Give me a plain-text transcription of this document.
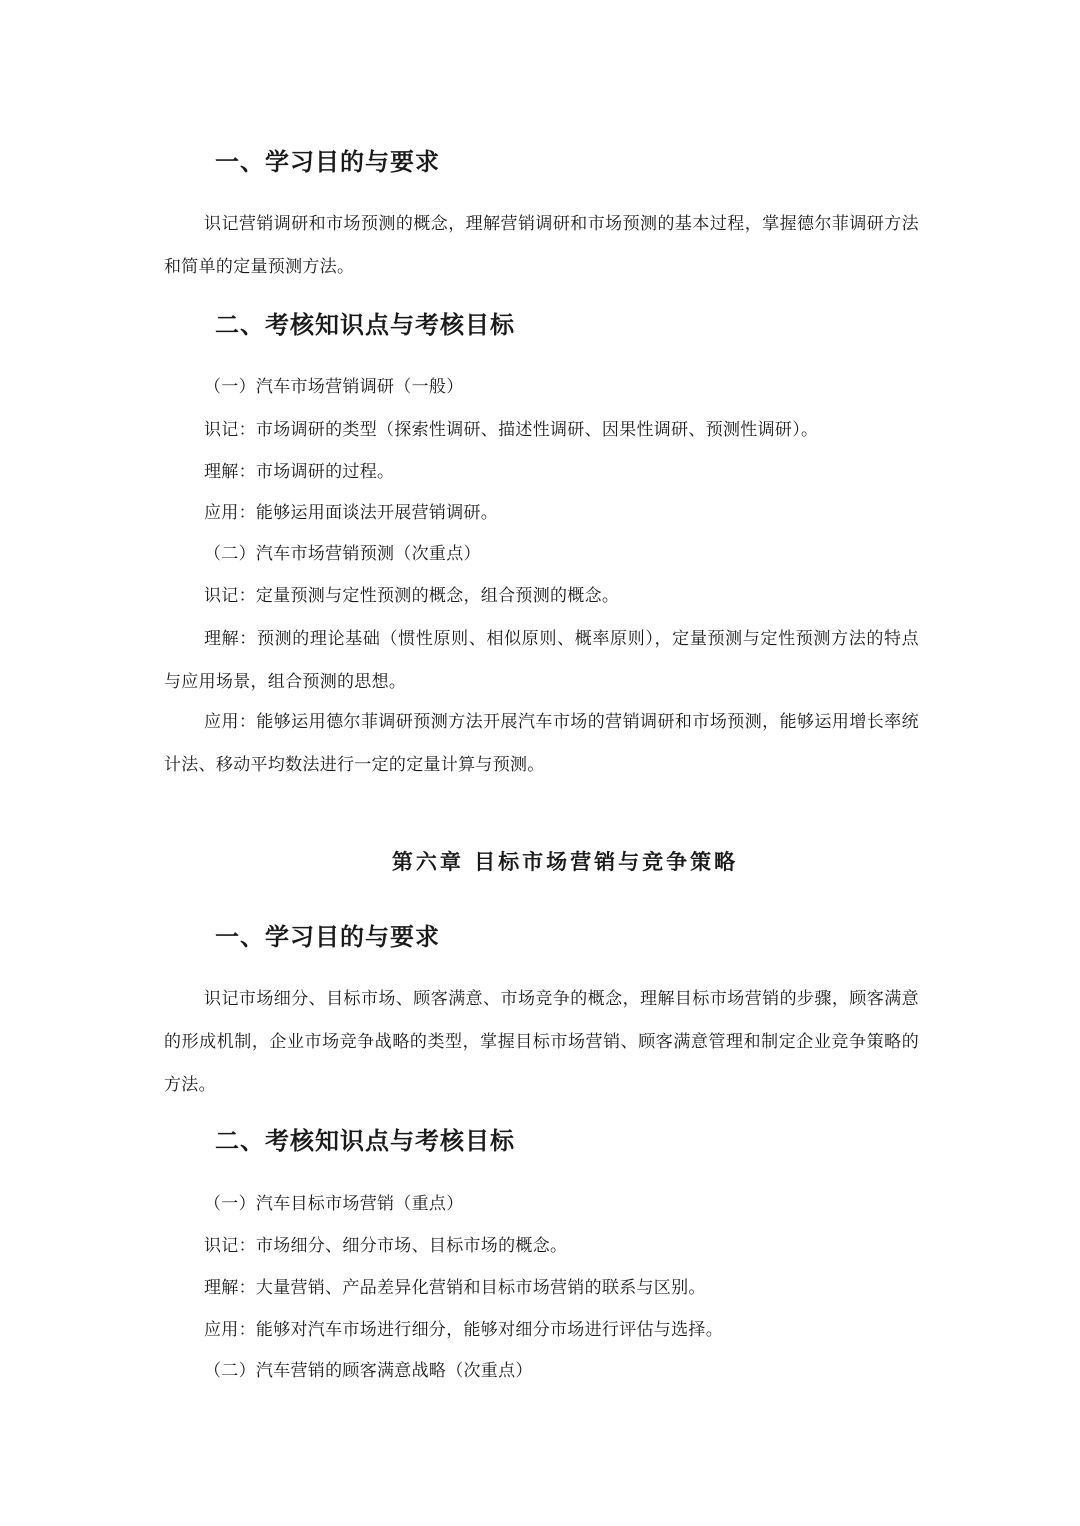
一、学习目的与要求
识记营销调研和市场预测的概念，理解营销调研和市场预测的基本过程，掌握德尔菲调研方法和简单的定量预测方法。
二、考核知识点与考核目标
（一）汽车市场营销调研（一般）
识记：市场调研的类型（探索性调研、描述性调研、因果性调研、预测性调研）。
理解：市场调研的过程。
应用：能够运用面谈法开展营销调研。
（二）汽车市场营销预测（次重点）
识记：定量预测与定性预测的概念，组合预测的概念。
理解：预测的理论基础（惯性原则、相似原则、概率原则），定量预测与定性预测方法的特点与应用场景，组合预测的思想。
应用：能够运用德尔菲调研预测方法开展汽车市场的营销调研和市场预测，能够运用增长率统计法、移动平均数法进行一定的定量计算与预测。
第六章 目标市场营销与竞争策略
一、学习目的与要求
识记市场细分、目标市场、顾客满意、市场竞争的概念，理解目标市场营销的步骤，顾客满意的形成机制，企业市场竞争战略的类型，掌握目标市场营销、顾客满意管理和制定企业竞争策略的方法。
二、考核知识点与考核目标
（一）汽车目标市场营销（重点）
识记：市场细分、细分市场、目标市场的概念。
理解：大量营销、产品差异化营销和目标市场营销的联系与区别。
应用：能够对汽车市场进行细分，能够对细分市场进行评估与选择。
（二）汽车营销的顾客满意战略（次重点）
